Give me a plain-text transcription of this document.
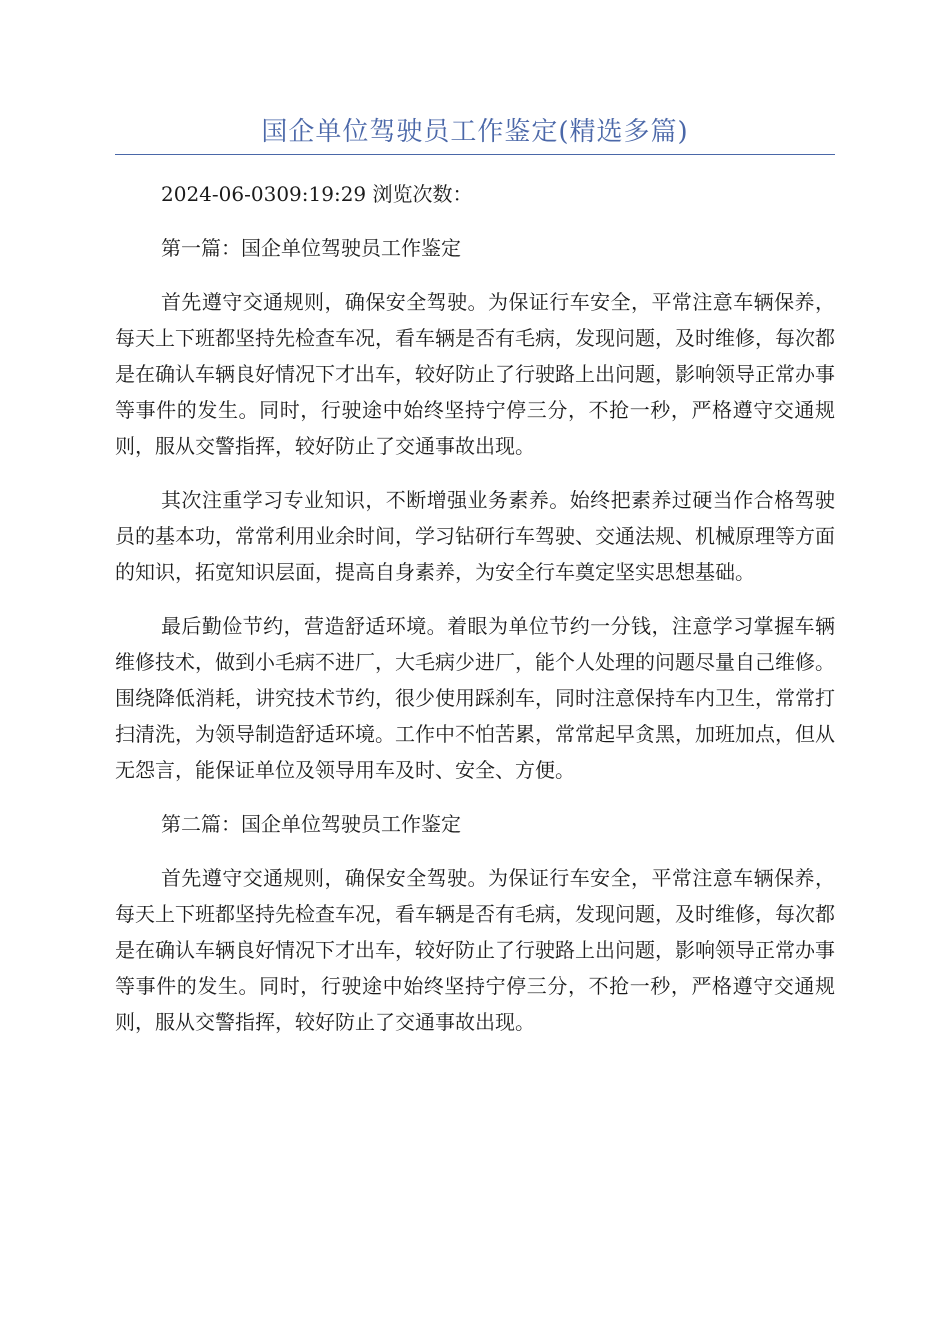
国企单位驾驶员工作鉴定(精选多篇)

2024-06-0309:19:29 浏览次数：

第一篇：国企单位驾驶员工作鉴定

首先遵守交通规则，确保安全驾驶。为保证行车安全，平常注意车辆保养，每天上下班都坚持先检查车况，看车辆是否有毛病，发现问题，及时维修，每次都是在确认车辆良好情况下才出车，较好防止了行驶路上出问题，影响领导正常办事等事件的发生。同时，行驶途中始终坚持宁停三分，不抢一秒，严格遵守交通规则，服从交警指挥，较好防止了交通事故出现。

其次注重学习专业知识，不断增强业务素养。始终把素养过硬当作合格驾驶员的基本功，常常利用业余时间，学习钻研行车驾驶、交通法规、机械原理等方面的知识，拓宽知识层面，提高自身素养，为安全行车奠定坚实思想基础。

最后勤俭节约，营造舒适环境。着眼为单位节约一分钱，注意学习掌握车辆维修技术，做到小毛病不进厂，大毛病少进厂，能个人处理的问题尽量自己维修。围绕降低消耗，讲究技术节约，很少使用踩刹车，同时注意保持车内卫生，常常打扫清洗，为领导制造舒适环境。工作中不怕苦累，常常起早贪黑，加班加点，但从无怨言，能保证单位及领导用车及时、安全、方便。

第二篇：国企单位驾驶员工作鉴定

首先遵守交通规则，确保安全驾驶。为保证行车安全，平常注意车辆保养，每天上下班都坚持先检查车况，看车辆是否有毛病，发现问题，及时维修，每次都是在确认车辆良好情况下才出车，较好防止了行驶路上出问题，影响领导正常办事等事件的发生。同时，行驶途中始终坚持宁停三分，不抢一秒，严格遵守交通规则，服从交警指挥，较好防止了交通事故出现。
